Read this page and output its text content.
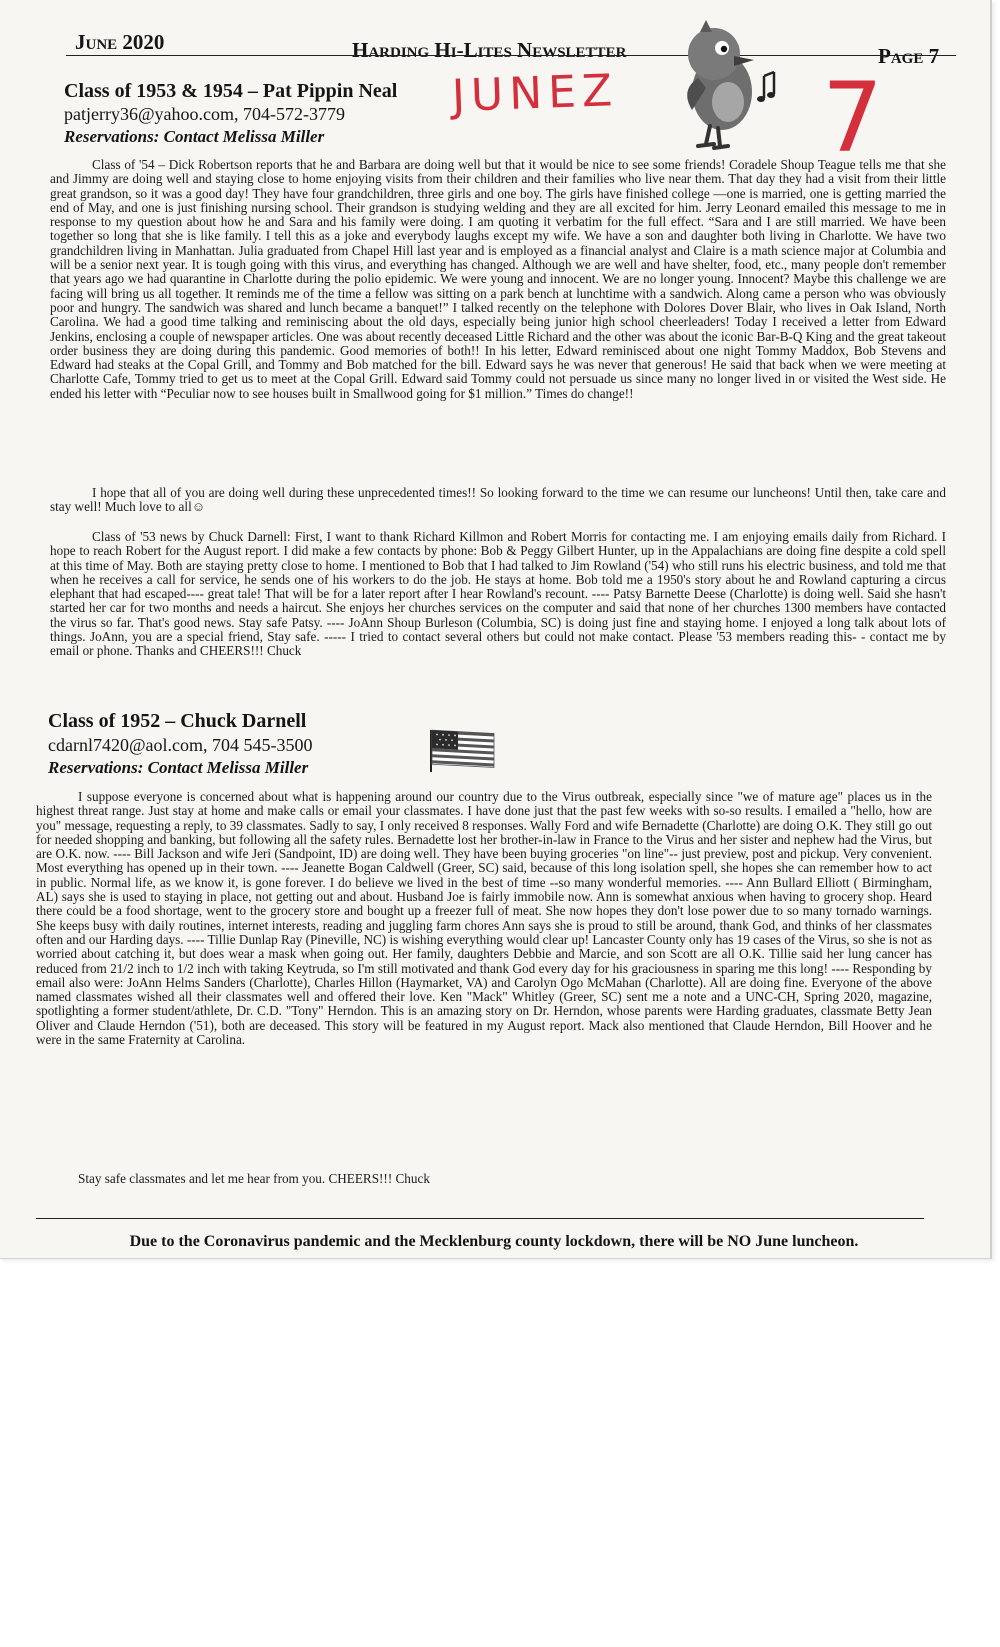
June 2020	Harding Hi-Lites Newsletter	Page 7
JUNEZ 7
Class of 1953 & 1954 – Pat Pippin Neal
patjerry36@yahoo.com, 704-572-3779
Reservations: Contact Melissa Miller

Class of '54 – Dick Robertson reports that he and Barbara are doing well but that it would be nice to see some friends! Coradele Shoup Teague tells me that she and Jimmy are doing well and staying close to home enjoying visits from their children and their families who live near them. That day they had a visit from their little great grandson, so it was a good day! They have four grandchildren, three girls and one boy. The girls have finished college —one is married, one is getting married the end of May, and one is just finishing nursing school. Their grandson is studying welding and they are all excited for him. Jerry Leonard emailed this message to me in response to my question about how he and Sara and his family were doing. I am quoting it verbatim for the full effect. “Sara and I are still married. We have been together so long that she is like family. I tell this as a joke and everybody laughs except my wife. We have a son and daughter both living in Charlotte. We have two grandchildren living in Manhattan. Julia graduated from Chapel Hill last year and is employed as a financial analyst and Claire is a math science major at Columbia and will be a senior next year. It is tough going with this virus, and everything has changed. Although we are well and have shelter, food, etc., many people don't remember that years ago we had quarantine in Charlotte during the polio epidemic. We were young and innocent. We are no longer young. Innocent? Maybe this challenge we are facing will bring us all together. It reminds me of the time a fellow was sitting on a park bench at lunchtime with a sandwich. Along came a person who was obviously poor and hungry. The sandwich was shared and lunch became a banquet!” I talked recently on the telephone with Dolores Dover Blair, who lives in Oak Island, North Carolina. We had a good time talking and reminiscing about the old days, especially being junior high school cheerleaders! Today I received a letter from Edward Jenkins, enclosing a couple of newspaper articles. One was about recently deceased Little Richard and the other was about the iconic Bar-B-Q King and the great takeout order business they are doing during this pandemic. Good memories of both!! In his letter, Edward reminisced about one night Tommy Maddox, Bob Stevens and Edward had steaks at the Copal Grill, and Tommy and Bob matched for the bill. Edward says he was never that generous! He said that back when we were meeting at Charlotte Cafe, Tommy tried to get us to meet at the Copal Grill. Edward said Tommy could not persuade us since many no longer lived in or visited the West side. He ended his letter with “Peculiar now to see houses built in Smallwood going for $1 million.” Times do change!!

I hope that all of you are doing well during these unprecedented times!! So looking forward to the time we can resume our luncheons! Until then, take care and stay well! Much love to all☺

Class of '53 news by Chuck Darnell: First, I want to thank Richard Killmon and Robert Morris for contacting me. I am enjoying emails daily from Richard. I hope to reach Robert for the August report. I did make a few contacts by phone: Bob & Peggy Gilbert Hunter, up in the Appalachians are doing fine despite a cold spell at this time of May. Both are staying pretty close to home. I mentioned to Bob that I had talked to Jim Rowland ('54) who still runs his electric business, and told me that when he receives a call for service, he sends one of his workers to do the job. He stays at home. Bob told me a 1950's story about he and Rowland capturing a circus elephant that had escaped---- great tale! That will be for a later report after I hear Rowland's recount. ---- Patsy Barnette Deese (Charlotte) is doing well. Said she hasn't started her car for two months and needs a haircut. She enjoys her churches services on the computer and said that none of her churches 1300 members have contacted the virus so far. That's good news. Stay safe Patsy. ---- JoAnn Shoup Burleson (Columbia, SC) is doing just fine and staying home. I enjoyed a long talk about lots of things. JoAnn, you are a special friend, Stay safe. ----- I tried to contact several others but could not make contact. Please '53 members reading this- - contact me by email or phone. Thanks and CHEERS!!! Chuck

Class of 1952 – Chuck Darnell
cdarnl7420@aol.com, 704 545-3500
Reservations: Contact Melissa Miller

I suppose everyone is concerned about what is happening around our country due to the Virus outbreak, especially since "we of mature age" places us in the highest threat range. Just stay at home and make calls or email your classmates. I have done just that the past few weeks with so-so results. I emailed a "hello, how are you" message, requesting a reply, to 39 classmates. Sadly to say, I only received 8 responses. Wally Ford and wife Bernadette (Charlotte) are doing O.K. They still go out for needed shopping and banking, but following all the safety rules. Bernadette lost her brother-in-law in France to the Virus and her sister and nephew had the Virus, but are O.K. now. ---- Bill Jackson and wife Jeri (Sandpoint, ID) are doing well. They have been buying groceries "on line"-- just preview, post and pickup. Very convenient. Most everything has opened up in their town. ---- Jeanette Bogan Caldwell (Greer, SC) said, because of this long isolation spell, she hopes she can remember how to act in public. Normal life, as we know it, is gone forever. I do believe we lived in the best of time --so many wonderful memories. ---- Ann Bullard Elliott ( Birmingham, AL) says she is used to staying in place, not getting out and about. Husband Joe is fairly immobile now. Ann is somewhat anxious when having to grocery shop. Heard there could be a food shortage, went to the grocery store and bought up a freezer full of meat. She now hopes they don't lose power due to so many tornado warnings. She keeps busy with daily routines, internet interests, reading and juggling farm chores Ann says she is proud to still be around, thank God, and thinks of her classmates often and our Harding days. ---- Tillie Dunlap Ray (Pineville, NC) is wishing everything would clear up! Lancaster County only has 19 cases of the Virus, so she is not as worried about catching it, but does wear a mask when going out. Her family, daughters Debbie and Marcie, and son Scott are all O.K. Tillie said her lung cancer has reduced from 21/2 inch to 1/2 inch with taking Keytruda, so I'm still motivated and thank God every day for his graciousness in sparing me this long! ---- Responding by email also were: JoAnn Helms Sanders (Charlotte), Charles Hillon (Haymarket, VA) and Carolyn Ogo McMahan (Charlotte). All are doing fine. Everyone of the above named classmates wished all their classmates well and offered their love. Ken "Mack" Whitley (Greer, SC) sent me a note and a UNC-CH, Spring 2020, magazine, spotlighting a former student/athlete, Dr. C.D. "Tony" Herndon. This is an amazing story on Dr. Herndon, whose parents were Harding graduates, classmate Betty Jean Oliver and Claude Herndon ('51), both are deceased. This story will be featured in my August report. Mack also mentioned that Claude Herndon, Bill Hoover and he were in the same Fraternity at Carolina.

Stay safe classmates and let me hear from you. CHEERS!!! Chuck

Due to the Coronavirus pandemic and the Mecklenburg county lockdown, there will be NO June luncheon.
